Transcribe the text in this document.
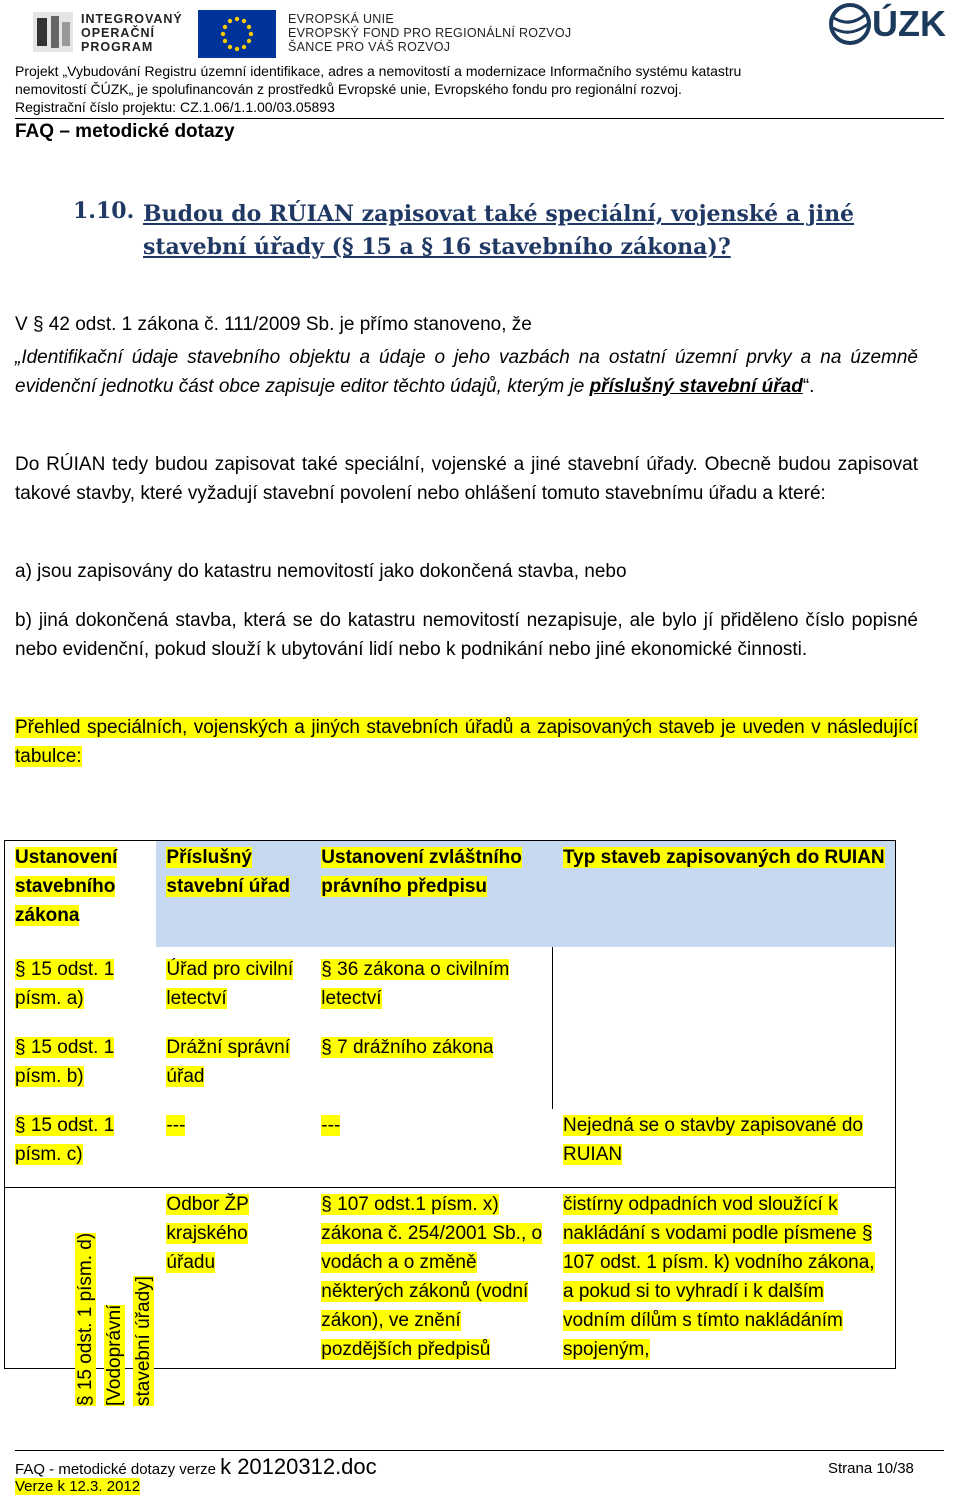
INTEGROVANÝ
OPERAČNÍ
PROGRAM
EVROPSKÁ UNIE
EVROPSKÝ FOND PRO REGIONÁLNÍ ROZVOJ
ŠANCE PRO VÁŠ ROZVOJ
ÚZK
Projekt „Vybudování Registru územní identifikace, adres a nemovitostí a modernizace Informačního systému katastru
nemovitostí ČÚZK„ je spolufinancován z prostředků Evropské unie, Evropského fondu pro regionální rozvoj.
Registrační číslo projektu: CZ.1.06/1.1.00/03.05893
FAQ – metodické dotazy
1.10. Budou do RÚIAN zapisovat také speciální, vojenské a jiné stavební úřady (§ 15 a § 16 stavebního zákona)?
V § 42 odst. 1 zákona č. 111/2009 Sb. je přímo stanoveno, že
„Identifikační údaje stavebního objektu a údaje o jeho vazbách na ostatní územní prvky a na územně evidenční jednotku část obce zapisuje editor těchto údajů, kterým je příslušný stavební úřad“.
Do RÚIAN tedy budou zapisovat také speciální, vojenské a jiné stavební úřady. Obecně budou zapisovat takové stavby, které vyžadují stavební povolení nebo ohlášení tomuto stavebnímu úřadu a které:
a) jsou zapisovány do katastru nemovitostí jako dokončená stavba, nebo
b) jiná dokončená stavba, která se do katastru nemovitostí nezapisuje, ale bylo jí přiděleno číslo popisné nebo evidenční, pokud slouží k ubytování lidí nebo k podnikání nebo jiné ekonomické činnosti.
Přehled speciálních, vojenských a jiných stavebních úřadů a zapisovaných staveb je uveden v následující tabulce:
Ustanovení stavebního zákona	Příslušný stavební úřad	Ustanovení zvláštního právního předpisu	Typ staveb zapisovaných do RUIAN
§ 15 odst. 1 písm. a)	Úřad pro civilní letectví	§ 36 zákona o civilním letectví	
§ 15 odst. 1 písm. b)	Drážní správní úřad	§ 7 drážního zákona	
§ 15 odst. 1 písm. c)	---	---	Nejedná se o stavby zapisované do RUIAN

§ 15 odst. 1 písm. d) [Vodoprávní stavební úřady]	Odbor ŽP krajského úřadu	§ 107 odst.1 písm. x) zákona č. 254/2001 Sb., o vodách a o změně některých zákonů (vodní zákon), ve znění pozdějších předpisů	čistírny odpadních vod sloužící k nakládání s vodami podle písmene § 107 odst. 1 písm. k) vodního zákona, a pokud si to vyhradí i k dalším vodním dílům s tímto nakládáním spojeným,
FAQ - metodické dotazy verze k 20120312.doc
Verze k 12.3. 2012
Strana 10/38
